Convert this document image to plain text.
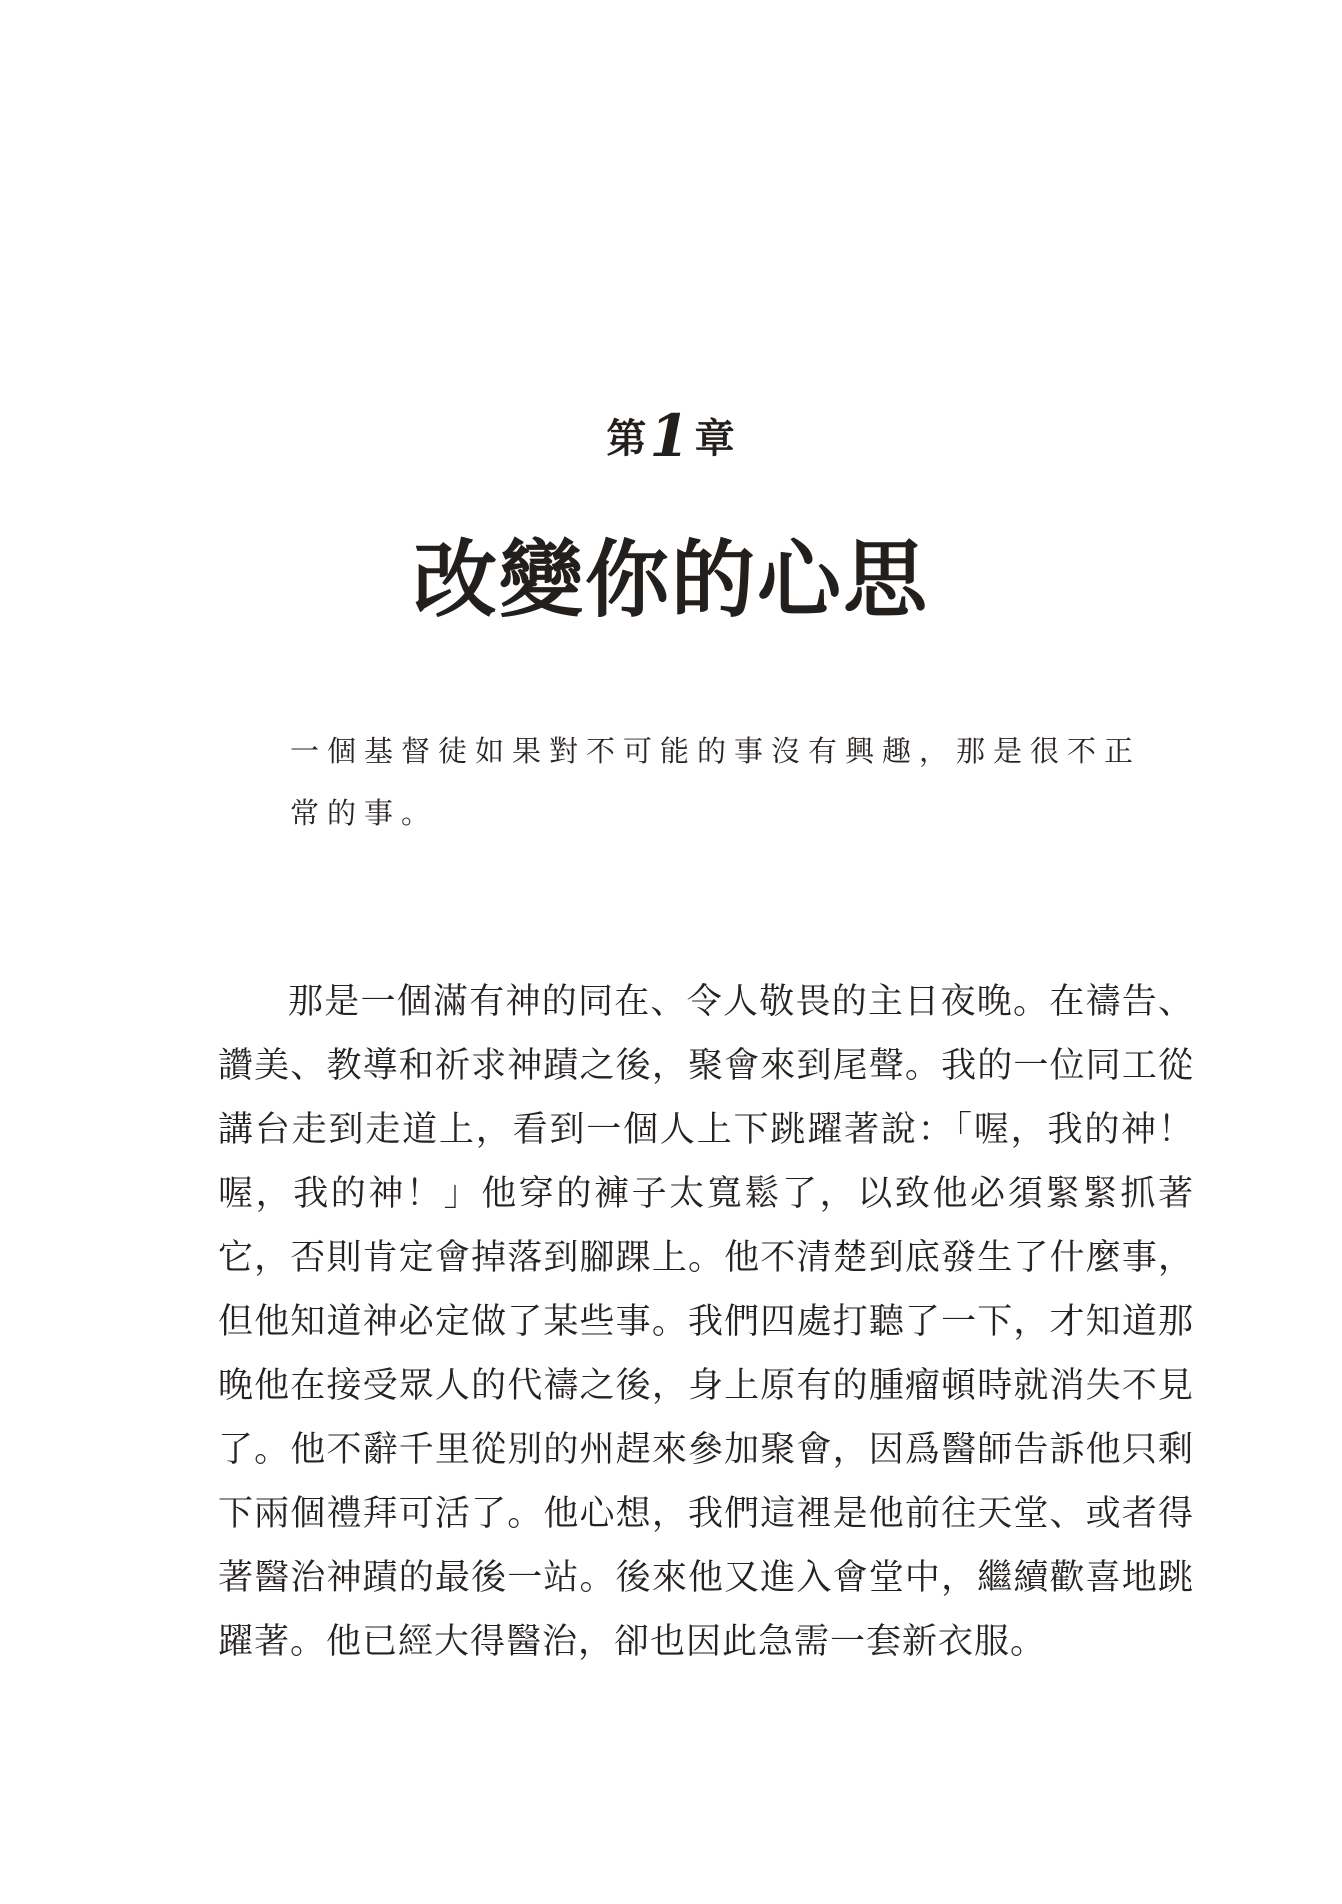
第1 章
改變你的心思

一個基督徒如果對不可能的事沒有興趣，那是很不正常的事。

那是一個滿有神的同在、令人敬畏的主日夜晚。在禱告、讚美、教導和祈求神蹟之後，聚會來到尾聲。我的一位同工從講台走到走道上，看到一個人上下跳躍著說：「喔，我的神！喔，我的神！」他穿的褲子太寬鬆了，以致他必須緊緊抓著它，否則肯定會掉落到腳踝上。他不清楚到底發生了什麼事，但他知道神必定做了某些事。我們四處打聽了一下，才知道那晚他在接受眾人的代禱之後，身上原有的腫瘤頓時就消失不見了。他不辭千里從別的州趕來參加聚會，因爲醫師告訴他只剩下兩個禮拜可活了。他心想，我們這裡是他前往天堂、或者得著醫治神蹟的最後一站。後來他又進入會堂中，繼續歡喜地跳躍著。他已經大得醫治，卻也因此急需一套新衣服。
